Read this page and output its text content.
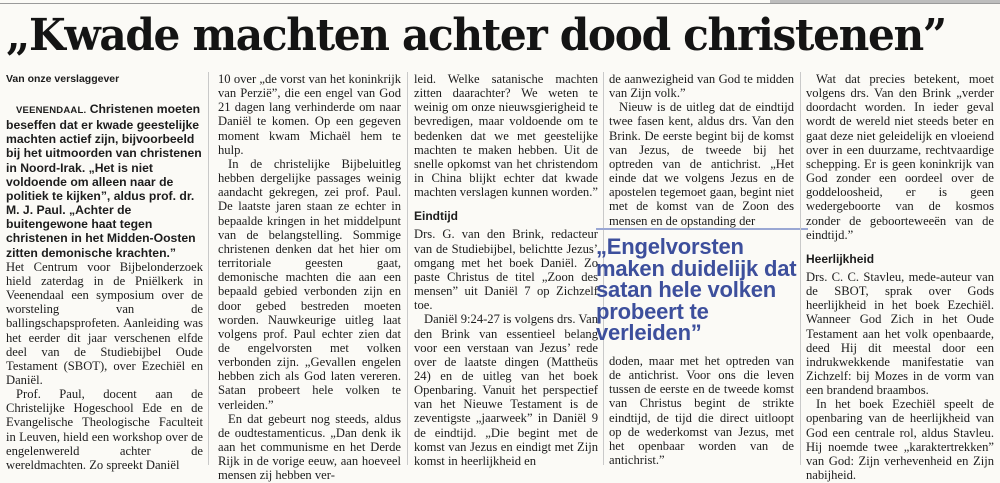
„Kwade machten achter dood christenen”
Van onze verslaggever

VEENENDAAL. Christenen moeten beseffen dat er kwade geestelijke machten actief zijn, bijvoorbeeld bij het uitmoorden van christenen in Noord-Irak. „Het is niet voldoende om alleen naar de politiek te kijken”, aldus prof. dr. M. J. Paul. „Achter de buitengewone haat tegen christenen in het Midden-Oosten zitten demonische krachten.”

Het Centrum voor Bijbelonderzoek hield zaterdag in de Pniëlkerk in Veenendaal een symposium over de worsteling van de ballingschapsprofeten. Aanleiding was het eerder dit jaar verschenen elfde deel van de Studiebijbel Oude Testament (SBOT), over Ezechiël en Daniël.

Prof. Paul, docent aan de Christelijke Hogeschool Ede en de Evangelische Theologische Faculteit in Leuven, hield een workshop over de engelenwereld achter de wereldmachten. Zo spreekt Daniël

10 over „de vorst van het koninkrijk van Perzië”, die een engel van God 21 dagen lang verhinderde om naar Daniël te komen. Op een gegeven moment kwam Michaël hem te hulp.

In de christelijke Bijbeluitleg hebben dergelijke passages weinig aandacht gekregen, zei prof. Paul. De laatste jaren staan ze echter in bepaalde kringen in het middelpunt van de belangstelling. Sommige christenen denken dat het hier om territoriale geesten gaat, demonische machten die aan een bepaald gebied verbonden zijn en door gebed bestreden moeten worden. Nauwkeurige uitleg laat volgens prof. Paul echter zien dat de engelvorsten met volken verbonden zijn. „Gevallen engelen hebben zich als God laten vereren. Satan probeert hele volken te verleiden.”

En dat gebeurt nog steeds, aldus de oudtestamenticus. „Dan denk ik aan het communisme en het Derde Rijk in de vorige eeuw, aan hoeveel mensen zij hebben ver-

leid. Welke satanische machten zitten daarachter? We weten te weinig om onze nieuwsgierigheid te bevredigen, maar voldoende om te bedenken dat we met geestelijke machten te maken hebben. Uit de snelle opkomst van het christendom in China blijkt echter dat kwade machten verslagen kunnen worden.”

Eindtijd

Drs. G. van den Brink, redacteur van de Studiebijbel, belichtte Jezus’ omgang met het boek Daniël. Zo paste Christus de titel „Zoon des mensen” uit Daniël 7 op Zichzelf toe.

Daniël 9:24-27 is volgens drs. Van den Brink van essentieel belang voor een verstaan van Jezus’ rede over de laatste dingen (Mattheüs 24) en de uitleg van het boek Openbaring. Vanuit het perspectief van het Nieuwe Testament is de zeventigste „jaarweek” in Daniël 9 de eindtijd. „Die begint met de komst van Jezus en eindigt met Zijn komst in heerlijkheid en

de aanwezigheid van God te midden van Zijn volk.”

Nieuw is de uitleg dat de eindtijd twee fasen kent, aldus drs. Van den Brink. De eerste begint bij de komst van Jezus, de tweede bij het optreden van de antichrist. „Het einde dat we volgens Jezus en de apostelen tegemoet gaan, begint niet met de komst van de Zoon des mensen en de opstanding der

„Engelvorsten maken duidelijk dat satan hele volken probeert te verleiden”

doden, maar met het optreden van de antichrist. Voor ons die leven tussen de eerste en de tweede komst van Christus begint de strikte eindtijd, de tijd die direct uitloopt op de wederkomst van Jezus, met het openbaar worden van de antichrist.”

Wat dat precies betekent, moet volgens drs. Van den Brink „verder doordacht worden. In ieder geval wordt de wereld niet steeds beter en gaat deze niet geleidelijk en vloeiend over in een duurzame, rechtvaardige schepping. Er is geen koninkrijk van God zonder een oordeel over de goddeloosheid, er is geen wedergeboorte van de kosmos zonder de geboorteweeën van de eindtijd.”

Heerlijkheid

Drs. C. C. Stavleu, mede-auteur van de SBOT, sprak over Gods heerlijkheid in het boek Ezechiël. Wanneer God Zich in het Oude Testament aan het volk openbaarde, deed Hij dit meestal door een indrukwekkende manifestatie van Zichzelf: bij Mozes in de vorm van een brandend braambos.

In het boek Ezechiël speelt de openbaring van de heerlijkheid van God een centrale rol, aldus Stavleu. Hij noemde twee „karaktertrekken” van God: Zijn verhevenheid en Zijn nabijheid.
